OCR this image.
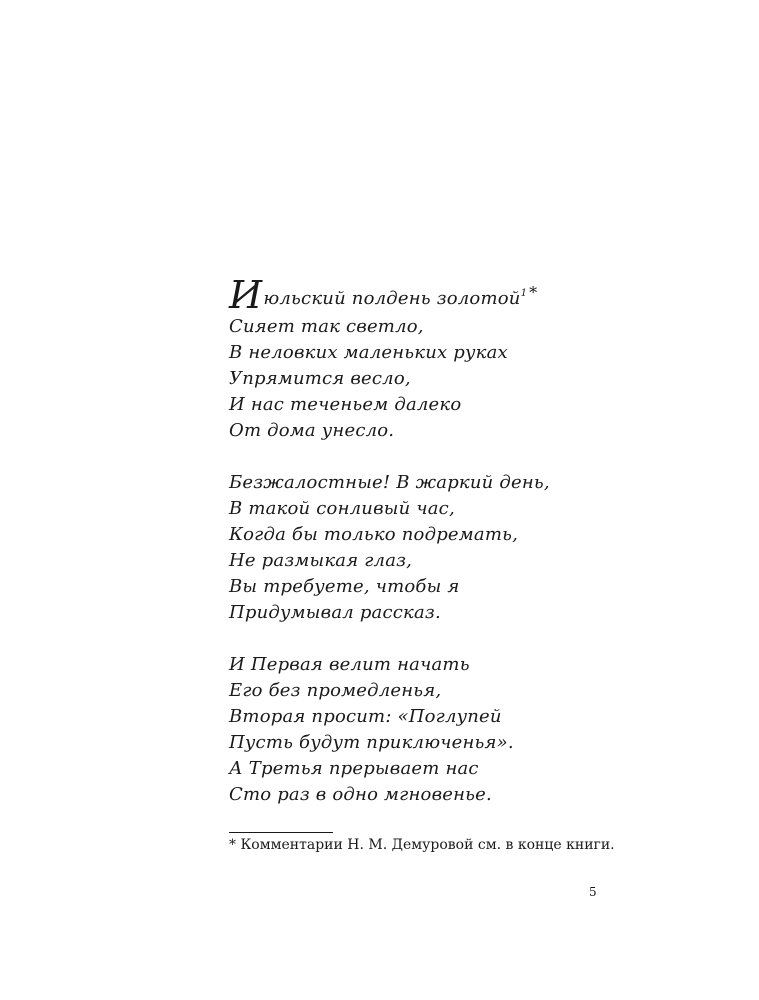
Июльский полдень золотой$^1$ *
Сияет так светло,
В неловких маленьких руках
Упрямится весло,
И нас теченьем далеко
От дома унесло.
Безжалостные! В жаркий день,
В такой сонливый час,
Когда бы только подремать,
Не размыкая глаз,
Вы требуете, чтобы я
Придумывал рассказ.
И Первая велит начать
Его без промедленья,
Вторая просит: «Поглупей
Пусть будут приключенья».
А Третья прерывает нас
Сто раз в одно мгновенье.
* Комментарии Н. М. Демуровой см. в конце книги.
5
